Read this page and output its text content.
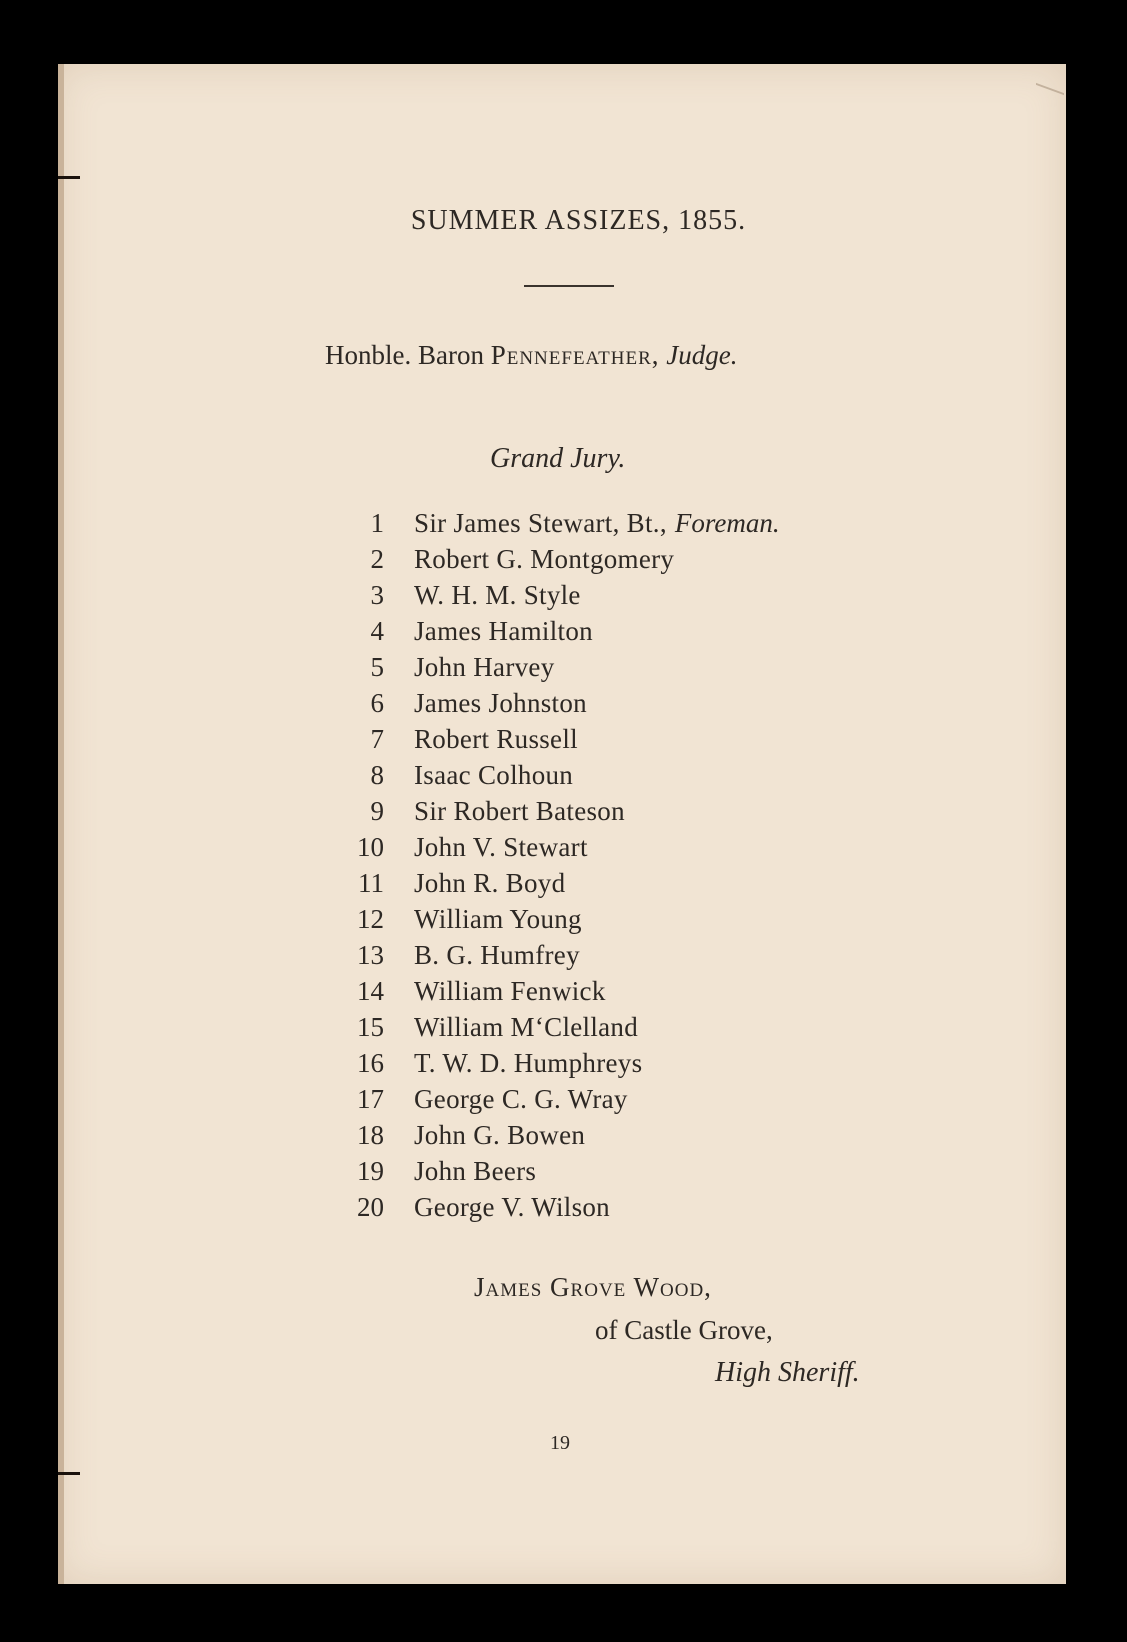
SUMMER ASSIZES, 1855.
Honble. Baron Pennefeather, Judge.
Grand Jury.
1 Sir James Stewart, Bt., Foreman.
2 Robert G. Montgomery
3 W. H. M. Style
4 James Hamilton
5 John Harvey
6 James Johnston
7 Robert Russell
8 Isaac Colhoun
9 Sir Robert Bateson
10 John V. Stewart
11 John R. Boyd
12 William Young
13 B. G. Humfrey
14 William Fenwick
15 William M‘Clelland
16 T. W. D. Humphreys
17 George C. G. Wray
18 John G. Bowen
19 John Beers
20 George V. Wilson
James Grove Wood,
of Castle Grove,
High Sheriff.
19
